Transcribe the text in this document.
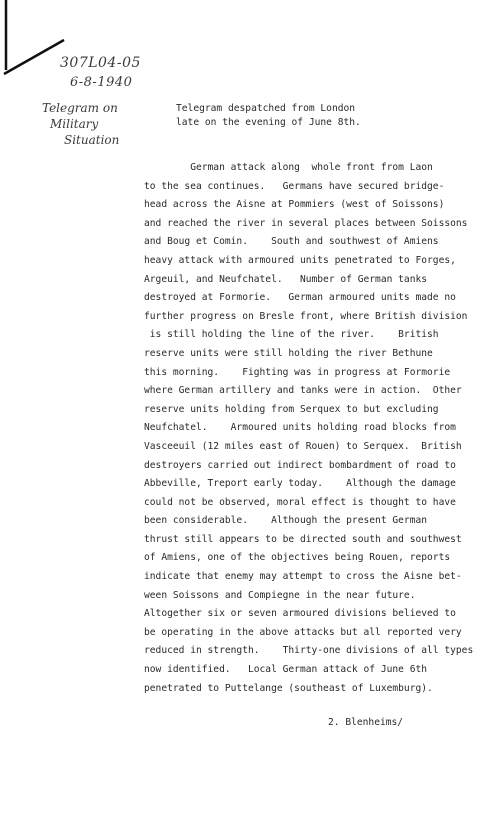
307L04-05
6-8-1940
Telegram on
Military
Situation
Telegram despatched from London
late on the evening of June 8th.
German attack along  whole front from Laon
to the sea continues.   Germans have secured bridge-
head across the Aisne at Pommiers (west of Soissons)
and reached the river in several places between Soissons
and Boug et Comin.    South and southwest of Amiens
heavy attack with armoured units penetrated to Forges,
Argeuil, and Neufchatel.   Number of German tanks
destroyed at Formorie.   German armoured units made no
further progress on Bresle front, where British division
is still holding the line of the river.    British
reserve units were still holding the river Bethune
this morning.    Fighting was in progress at Formorie
where German artillery and tanks were in action.  Other
reserve units holding from Serquex to but excluding
Neufchatel.    Armoured units holding road blocks from
Vasceeuil (12 miles east of Rouen) to Serquex.  British
destroyers carried out indirect bombardment of road to
Abbeville, Treport early today.    Although the damage
could not be observed, moral effect is thought to have
been considerable.    Although the present German
thrust still appears to be directed south and southwest
of Amiens, one of the objectives being Rouen, reports
indicate that enemy may attempt to cross the Aisne bet-
ween Soissons and Compiegne in the near future.
Altogether six or seven armoured divisions believed to
be operating in the above attacks but all reported very
reduced in strength.    Thirty-one divisions of all types
now identified.   Local German attack of June 6th
penetrated to Puttelange (southeast of Luxemburg).
2. Blenheims/
